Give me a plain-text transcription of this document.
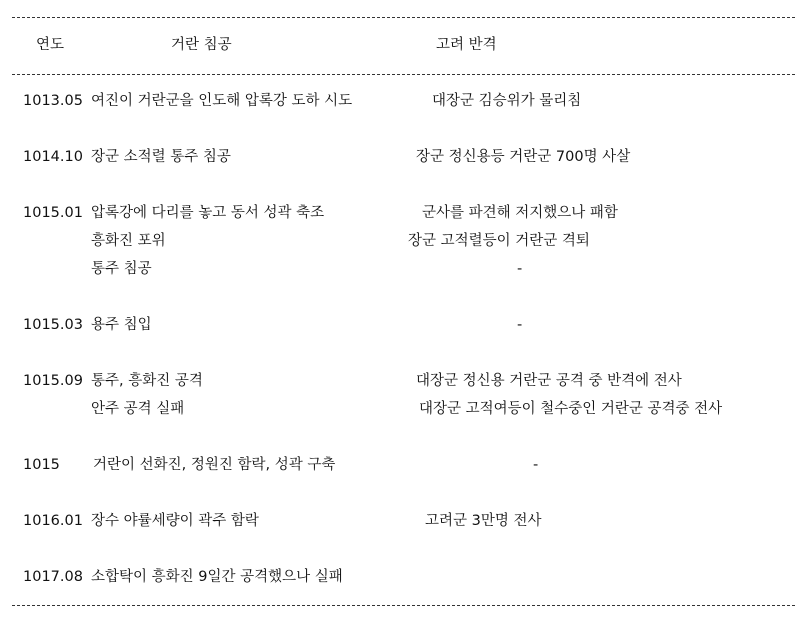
연도	거란 침공	고려 반격
1013.05 여진이 거란군을 인도해 압록강 도하 시도	대장군 김승위가 물리침
1014.10 장군 소적렬 통주 침공	장군 정신용등 거란군 700명 사살
1015.01 압록강에 다리를 놓고 동서 성곽 축조	군사를 파견해 저지했으나 패함
흥화진 포위	장군 고적렬등이 거란군 격퇴
통주 침공	-
1015.03 용주 침입	-
1015.09 통주, 흥화진 공격	대장군 정신용 거란군 공격 중 반격에 전사
안주 공격 실패	대장군 고적여등이 철수중인 거란군 공격중 전사
1015 거란이 선화진, 정원진 함락, 성곽 구축	-
1016.01 장수 야률세량이 곽주 함락	고려군 3만명 전사
1017.08 소합탁이 흥화진 9일간 공격했으나 실패
